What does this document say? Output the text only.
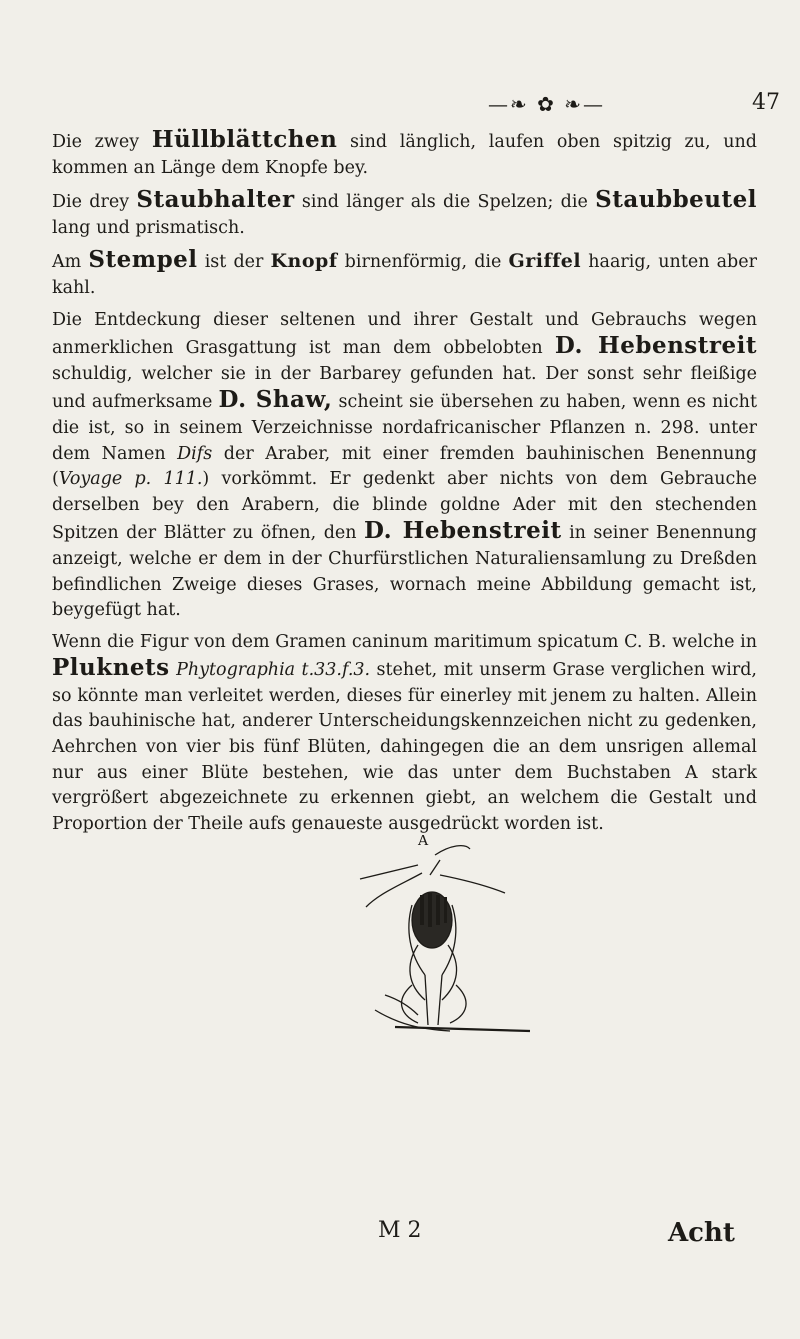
—❧ ✿ ❧—	47

Die zwey Hüllblättchen sind länglich, laufen oben spitzig zu, und kommen an Länge dem Knopfe bey.

Die drey Staubhalter sind länger als die Spelzen; die Staubbeutel lang und prismatisch.

Am Stempel ist der Knopf birnenförmig, die Griffel haarig, unten aber kahl.

Die Entdeckung dieser seltenen und ihrer Gestalt und Gebrauchs wegen anmerklichen Grasgattung ist man dem obbelobten D. Hebenstreit schuldig, welcher sie in der Barbarey gefunden hat. Der sonst sehr fleißige und aufmerksame D. Shaw, scheint sie übersehen zu haben, wenn es nicht die ist, so in seinem Verzeichnisse nordafricanischer Pflanzen n. 298. unter dem Namen Difs der Araber, mit einer fremden bauhinischen Benennung (Voyage p. 111.) vorkömmt. Er gedenkt aber nichts von dem Gebrauche derselben bey den Arabern, die blinde goldne Ader mit den stechenden Spitzen der Blätter zu öfnen, den D. Hebenstreit in seiner Benennung anzeigt, welche er dem in der Churfürstlichen Naturaliensamlung zu Dreßden befindlichen Zweige dieses Grases, wornach meine Abbildung gemacht ist, beygefügt hat.

Wenn die Figur von dem Gramen caninum maritimum spicatum C. B. welche in Pluknets Phytographia t.33.f.3. stehet, mit unserm Grase verglichen wird, so könnte man verleitet werden, dieses für einerley mit jenem zu halten. Allein das bauhinische hat, anderer Unterscheidungskennzeichen nicht zu gedenken, Aehrchen von vier bis fünf Blüten, dahingegen die an dem unsrigen allemal nur aus einer Blüte bestehen, wie das unter dem Buchstaben A stark vergrößert abgezeichnete zu erkennen giebt, an welchem die Gestalt und Proportion der Theile aufs genaueste ausgedrückt worden ist.

A
M 2	Acht
